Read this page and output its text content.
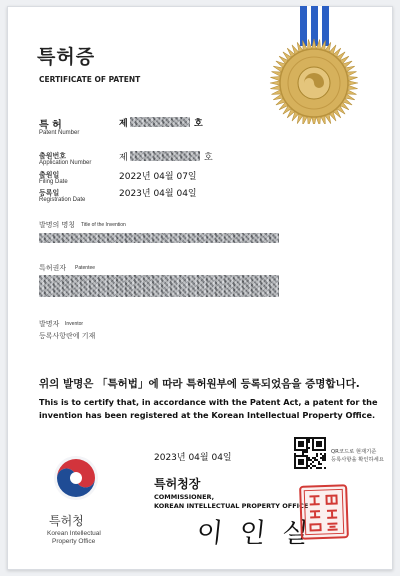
특허증
CERTIFICATE OF PATENT
특 허
Patent Number
제	호
출원번호
Application Number	제	호
출원일
Filing Date	2022년 04월 07일
등록일
Registration Date
2023년 04월 04일
발명의 명칭 Title of the Invention
특허권자 Patentee
발명자 Inventor
등록사항란에 기재
위의 발명은 「특허법」에 따라 특허원부에 등록되었음을 증명합니다.
This is to certify that, in accordance with the Patent Act, a patent for the
invention has been registered at the Korean Intellectual Property Office.
2023년 04월 04일
QR코드로 현재기준
등록사항을 확인하세요
특허청장
COMMISSIONER,
KOREAN INTELLECTUAL PROPERTY OFFICE
이 인 실
특허청
Korean Intellectual
Property Office
